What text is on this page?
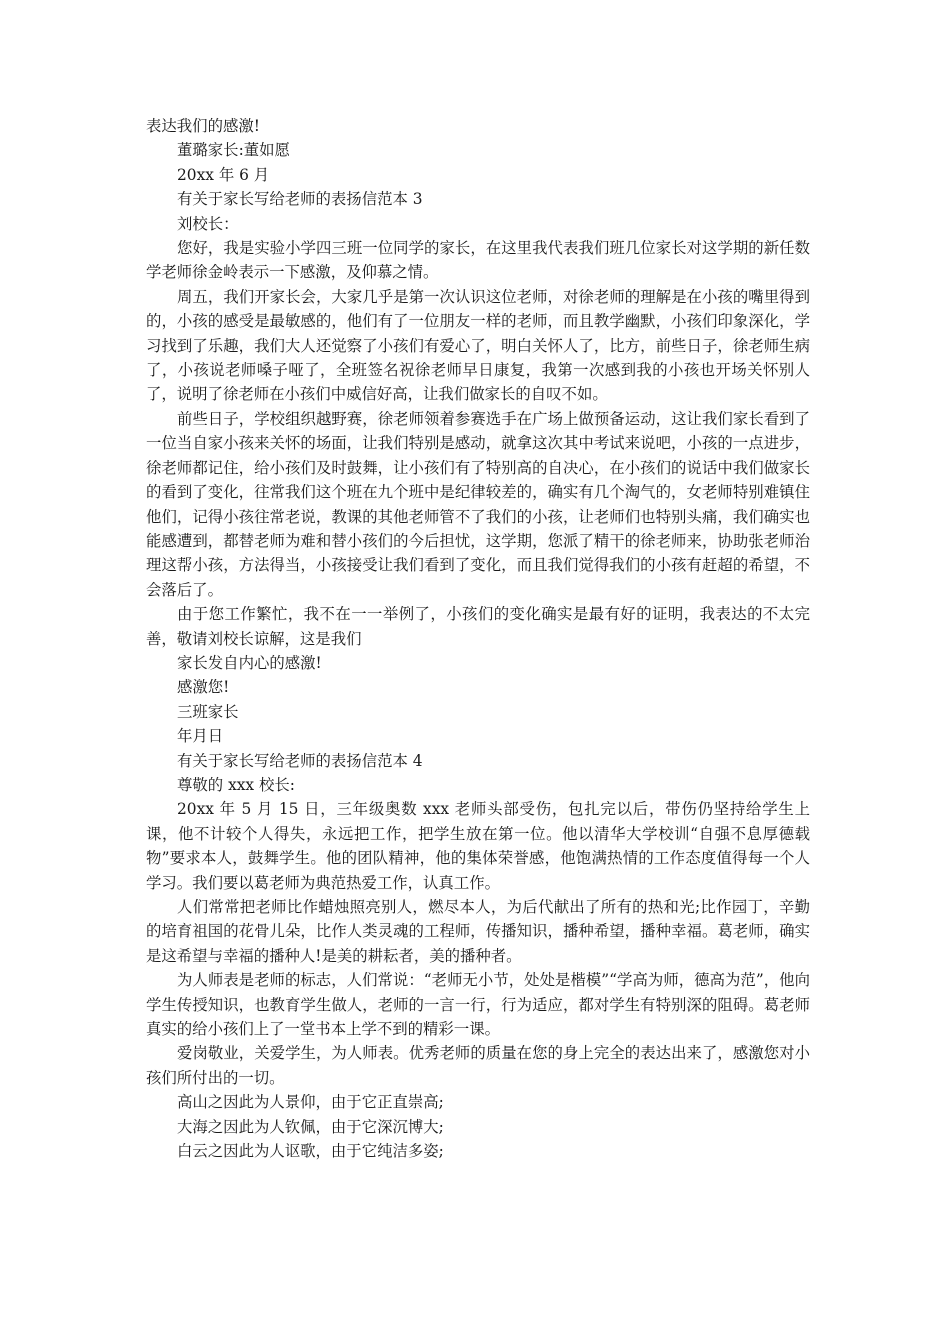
表达我们的感激!

董璐家长:董如愿

20xx 年 6 月

有关于家长写给老师的表扬信范本 3

刘校长：

您好，我是实验小学四三班一位同学的家长，在这里我代表我们班几位家长对这学期的新任数学老师徐金岭表示一下感激，及仰慕之情。

周五，我们开家长会，大家几乎是第一次认识这位老师，对徐老师的理解是在小孩的嘴里得到的，小孩的感受是最敏感的，他们有了一位朋友一样的老师，而且教学幽默，小孩们印象深化，学习找到了乐趣，我们大人还觉察了小孩们有爱心了，明白关怀人了，比方，前些日子，徐老师生病了，小孩说老师嗓子哑了，全班签名祝徐老师早日康复，我第一次感到我的小孩也开场关怀别人了，说明了徐老师在小孩们中威信好高，让我们做家长的自叹不如。

前些日子，学校组织越野赛，徐老师领着参赛选手在广场上做预备运动，这让我们家长看到了一位当自家小孩来关怀的场面，让我们特别是感动，就拿这次其中考试来说吧，小孩的一点进步，徐老师都记住，给小孩们及时鼓舞，让小孩们有了特别高的自决心，在小孩们的说话中我们做家长的看到了变化，往常我们这个班在九个班中是纪律较差的，确实有几个淘气的，女老师特别难镇住他们，记得小孩往常老说，教课的其他老师管不了我们的小孩，让老师们也特别头痛，我们确实也能感遭到，都替老师为难和替小孩们的今后担忧，这学期，您派了精干的徐老师来，协助张老师治理这帮小孩，方法得当，小孩接受让我们看到了变化，而且我们觉得我们的小孩有赶超的希望，不会落后了。

由于您工作繁忙，我不在一一举例了，小孩们的变化确实是最有好的证明，我表达的不太完善，敬请刘校长谅解，这是我们

家长发自内心的感激!

感激您!

三班家长

年月日

有关于家长写给老师的表扬信范本 4

尊敬的 xxx 校长:

20xx 年 5 月 15 日，三年级奥数 xxx 老师头部受伤，包扎完以后，带伤仍坚持给学生上课，他不计较个人得失，永远把工作，把学生放在第一位。他以清华大学校训“自强不息厚德载物”要求本人，鼓舞学生。他的团队精神，他的集体荣誉感，他饱满热情的工作态度值得每一个人学习。我们要以葛老师为典范热爱工作，认真工作。

人们常常把老师比作蜡烛照亮别人，燃尽本人，为后代献出了所有的热和光;比作园丁，辛勤的培育祖国的花骨儿朵，比作人类灵魂的工程师，传播知识，播种希望，播种幸福。葛老师，确实是这希望与幸福的播种人!是美的耕耘者，美的播种者。

为人师表是老师的标志，人们常说：“老师无小节，处处是楷模”“学高为师，德高为范”，他向学生传授知识，也教育学生做人，老师的一言一行，行为适应，都对学生有特别深的阻碍。葛老师真实的给小孩们上了一堂书本上学不到的精彩一课。

爱岗敬业，关爱学生，为人师表。优秀老师的质量在您的身上完全的表达出来了，感激您对小孩们所付出的一切。

高山之因此为人景仰，由于它正直崇高;

大海之因此为人钦佩，由于它深沉博大;

白云之因此为人讴歌，由于它纯洁多姿;
